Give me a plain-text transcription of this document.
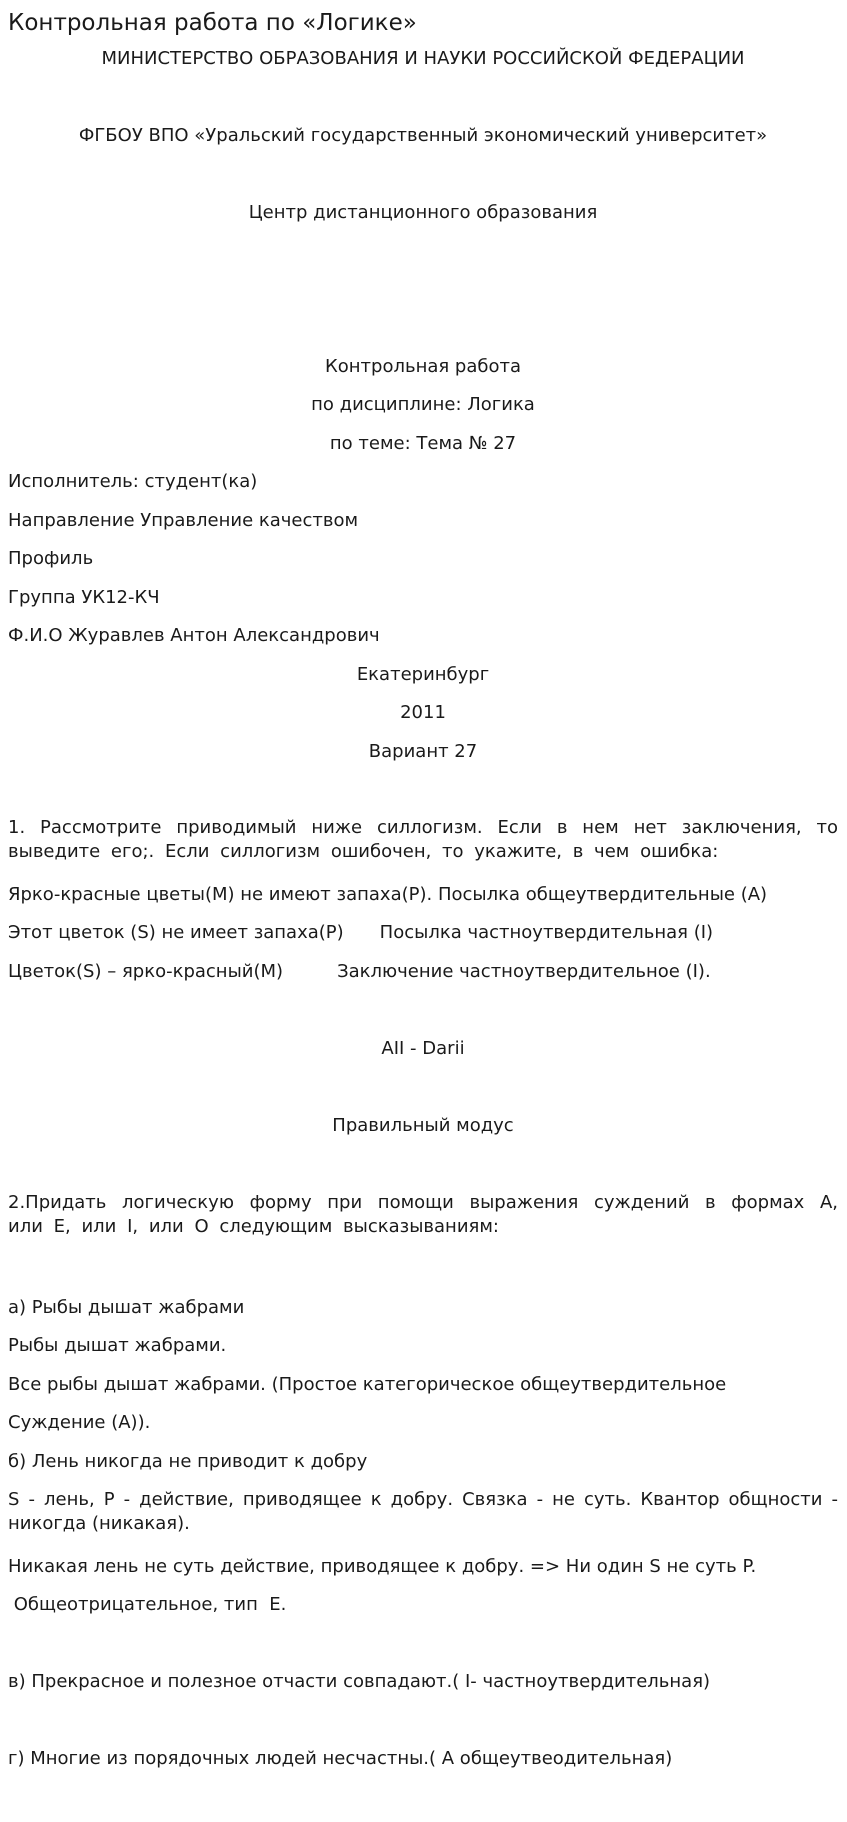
Контрольная работа по «Логике»
МИНИСТЕРСТВО ОБРАЗОВАНИЯ И НАУКИ РОССИЙСКОЙ ФЕДЕРАЦИИ
ФГБОУ ВПО «Уральский государственный экономический университет»
Центр дистанционного образования
Контрольная работа
по дисциплине: Логика
по теме: Тема № 27
Исполнитель: студент(ка)
Направление Управление качеством
Профиль
Группа УК12-КЧ
Ф.И.О Журавлев Антон Александрович
Екатеринбург
2011
Вариант 27
1. Рассмотрите приводимый ниже силлогизм. Если в нем нет заключения, то выведите его;. Если силлогизм ошибочен, то укажите, в чем ошибка:
Ярко-красные цветы(М) не имеют запаха(Р). Посылка общеутвердительные (А)
Этот цветок (S) не имеет запаха(Р) Посылка частноутвердительная (I)
Цветок(S) – ярко-красный(М)	Заключение частноутвердительное (I).
AII - Darii
Правильный модус
2.Придать логическую форму при помощи выражения суждений в формах А, или Е, или I, или О следующим высказываниям:
а) Рыбы дышат жабрами
Рыбы дышат жабрами.
Все рыбы дышат жабрами. (Простое категорическое общеутвердительное
Суждение (А)).
б) Лень никогда не приводит к добру
S - лень, P - действие, приводящее к добру. Связка - не суть. Квантор общности - никогда (никакая).
Никакая лень не суть действие, приводящее к добру. => Ни один S не суть P.
Общеотрицательное, тип  Е.
в) Прекрасное и полезное отчасти совпадают.( I- частноутвердительная)
г) Многие из порядочных людей несчастны.( А общеутвеодительная)
